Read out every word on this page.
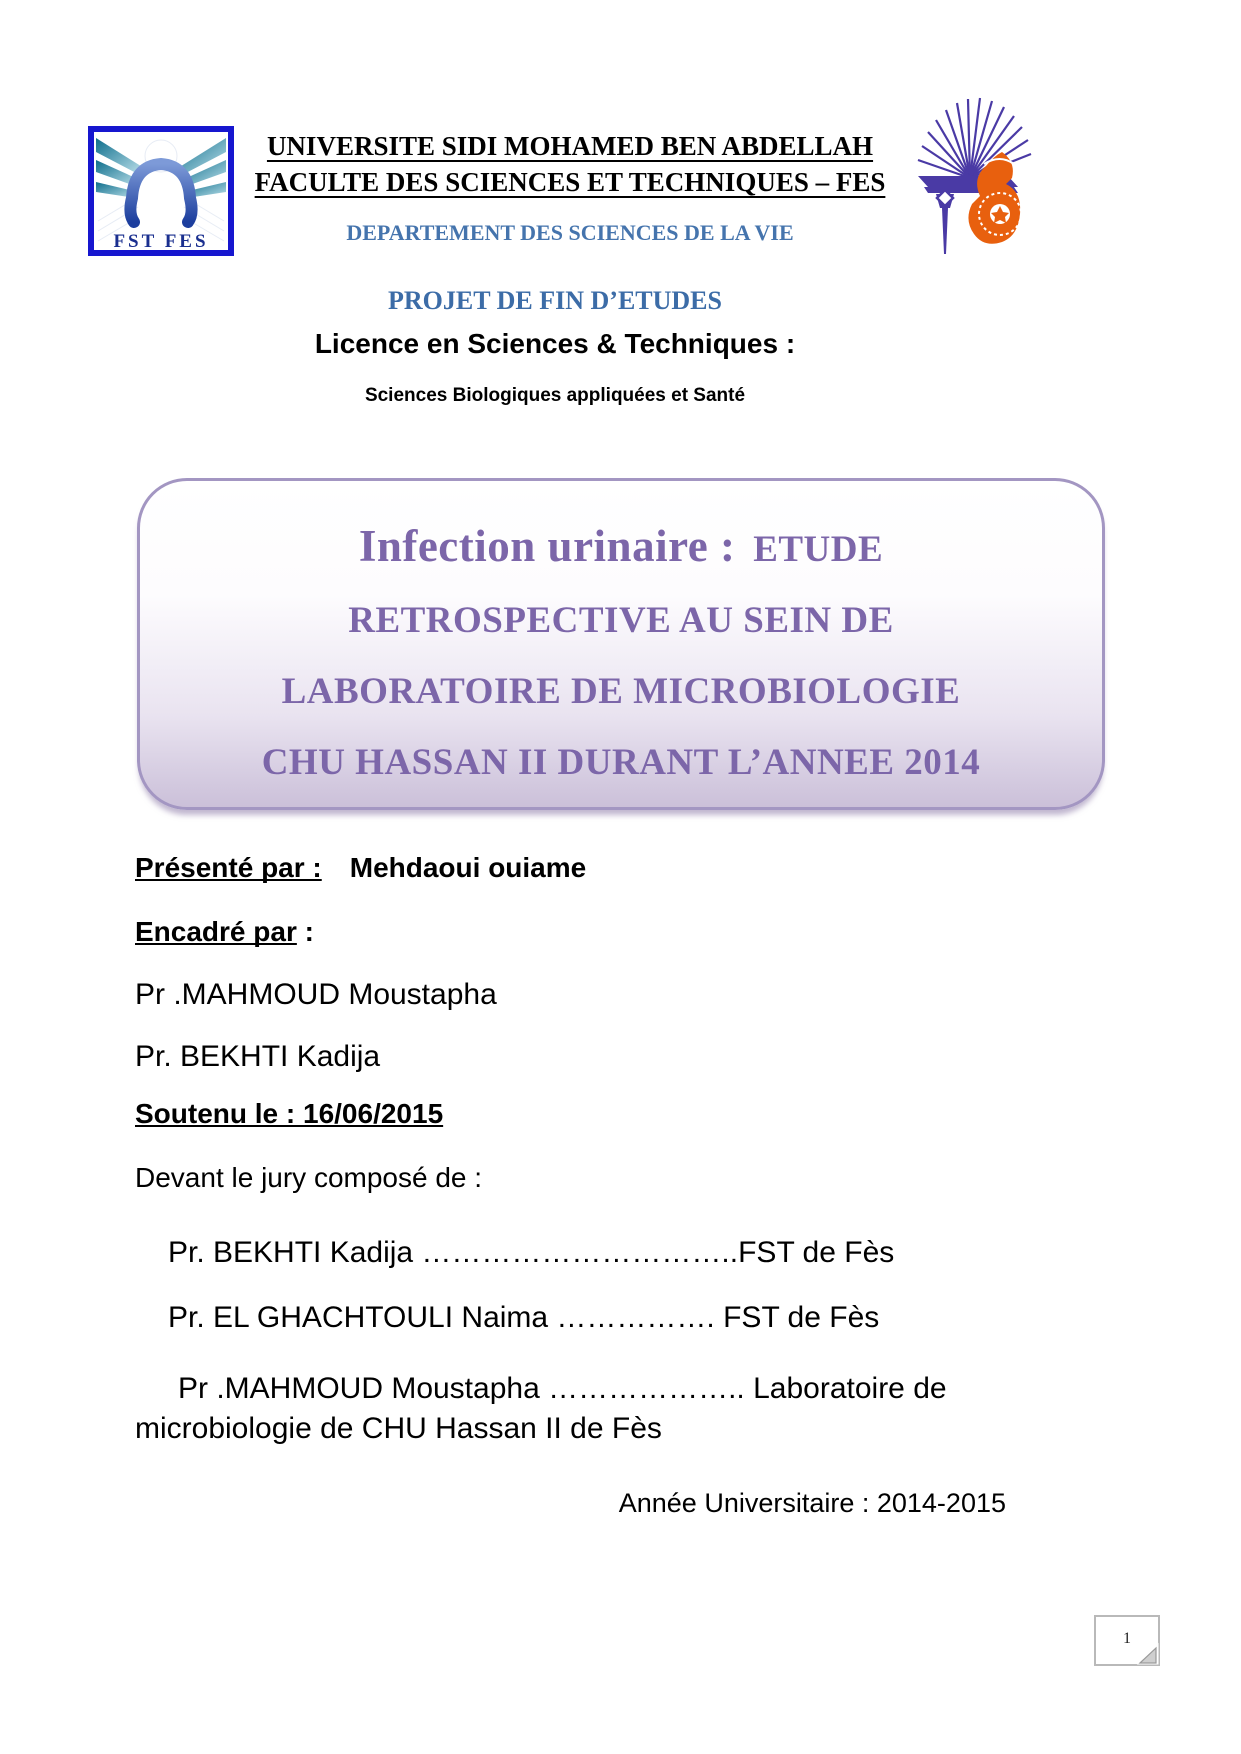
FST FES
UNIVERSITE SIDI MOHAMED BEN ABDELLAH
FACULTE DES SCIENCES ET TECHNIQUES – FES
DEPARTEMENT DES SCIENCES DE LA VIE
PROJET DE FIN D’ETUDES
Licence en Sciences & Techniques :
Sciences Biologiques appliquées et Santé
Infection urinaire : ETUDE
RETROSPECTIVE AU SEIN DE
LABORATOIRE DE MICROBIOLOGIE
CHU HASSAN II DURANT L’ANNEE 2014
Présenté par : Mehdaoui ouiame
Encadré par :
Pr .MAHMOUD Moustapha
Pr. BEKHTI Kadija
Soutenu le : 16/06/2015
Devant le jury composé de :
Pr. BEKHTI Kadija …………………………..FST de Fès
Pr. EL GHACHTOULI Naima ……………. FST de Fès
Pr .MAHMOUD Moustapha ……………….. Laboratoire de
microbiologie de CHU Hassan II de Fès
Année Universitaire : 2014-2015
1
